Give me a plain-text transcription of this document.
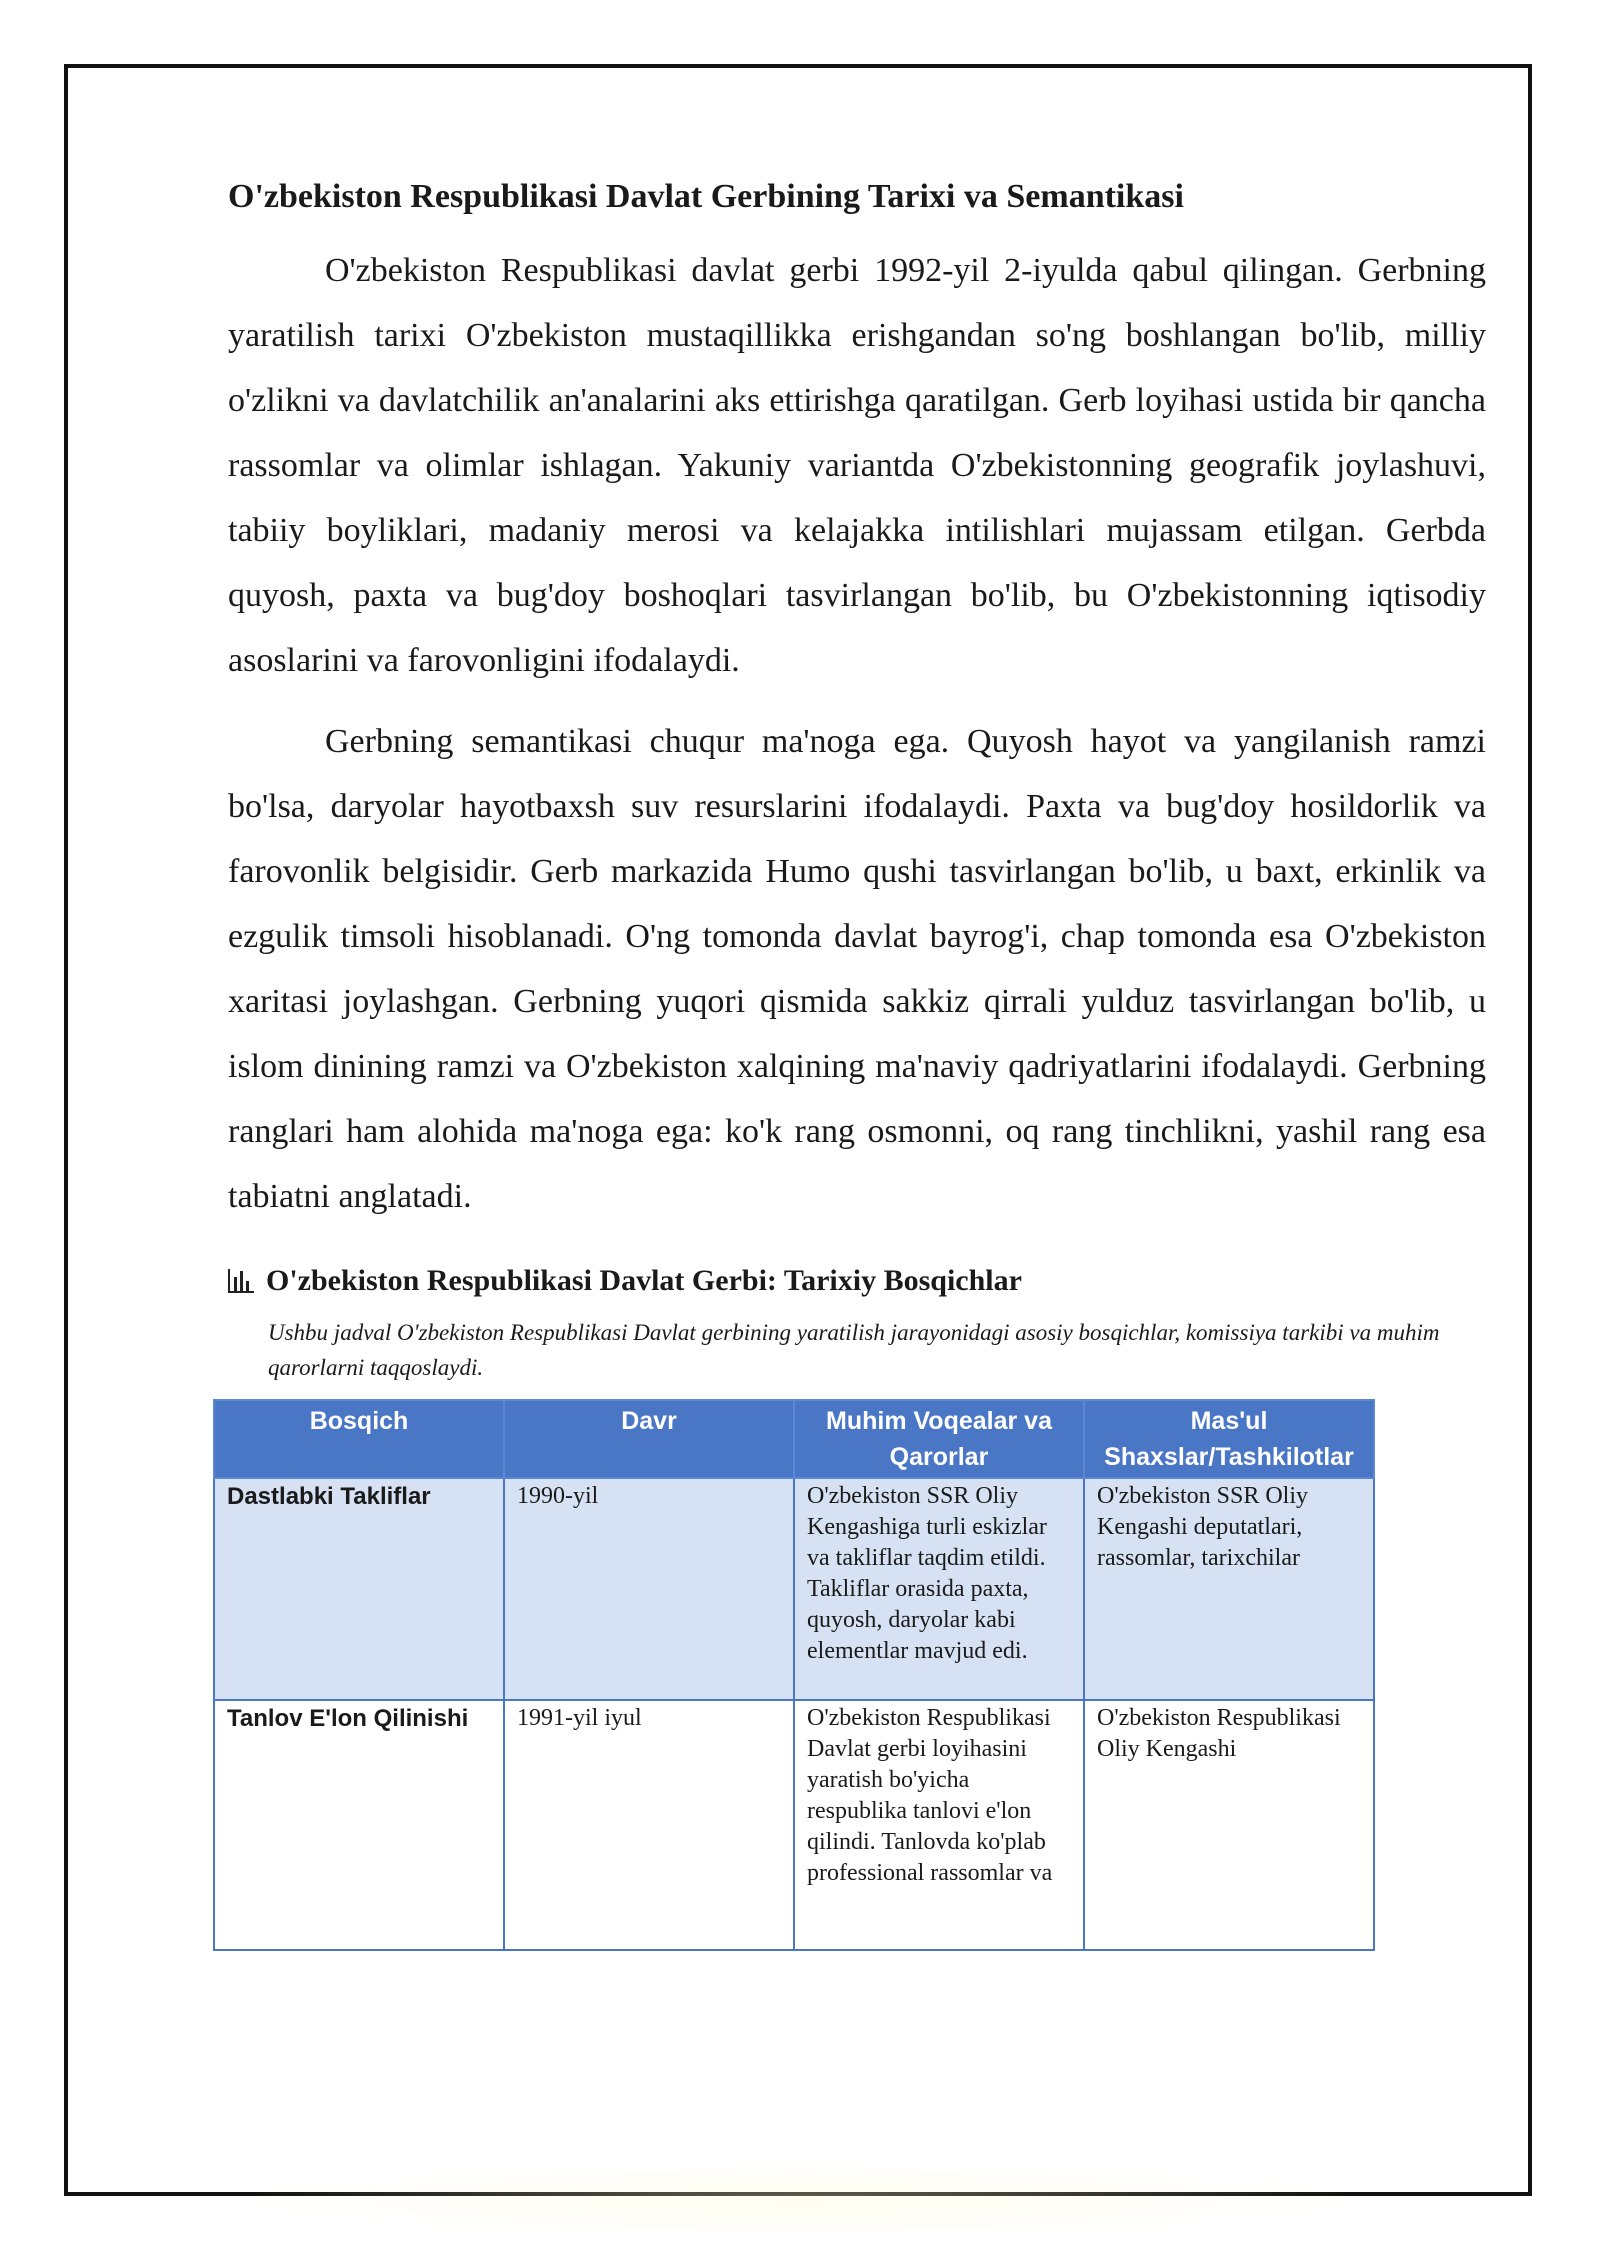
O'zbekiston Respublikasi Davlat Gerbining Tarixi va Semantikasi

O'zbekiston Respublikasi davlat gerbi 1992-yil 2-iyulda qabul qilingan. Gerbning yaratilish tarixi O'zbekiston mustaqillikka erishgandan so'ng boshlangan bo'lib, milliy o'zlikni va davlatchilik an'analarini aks ettirishga qaratilgan. Gerb loyihasi ustida bir qancha rassomlar va olimlar ishlagan. Yakuniy variantda O'zbekistonning geografik joylashuvi, tabiiy boyliklari, madaniy merosi va kelajakka intilishlari mujassam etilgan. Gerbda quyosh, paxta va bug'doy boshoqlari tasvirlangan bo'lib, bu O'zbekistonning iqtisodiy asoslarini va farovonligini ifodalaydi.

Gerbning semantikasi chuqur ma'noga ega. Quyosh hayot va yangilanish ramzi bo'lsa, daryolar hayotbaxsh suv resurslarini ifodalaydi. Paxta va bug'doy hosildorlik va farovonlik belgisidir. Gerb markazida Humo qushi tasvirlangan bo'lib, u baxt, erkinlik va ezgulik timsoli hisoblanadi. O'ng tomonda davlat bayrog'i, chap tomonda esa O'zbekiston xaritasi joylashgan. Gerbning yuqori qismida sakkiz qirrali yulduz tasvirlangan bo'lib, u islom dinining ramzi va O'zbekiston xalqining ma'naviy qadriyatlarini ifodalaydi. Gerbning ranglari ham alohida ma'noga ega: ko'k rang osmonni, oq rang tinchlikni, yashil rang esa tabiatni anglatadi.

O'zbekiston Respublikasi Davlat Gerbi: Tarixiy Bosqichlar
Ushbu jadval O'zbekiston Respublikasi Davlat gerbining yaratilish jarayonidagi asosiy bosqichlar, komissiya tarkibi va muhim qarorlarni taqqoslaydi.
Bosqich	Davr	Muhim Voqealar va Qarorlar	Mas'ul Shaxslar/Tashkilotlar
Dastlabki Takliflar	1990-yil	O'zbekiston SSR Oliy Kengashiga turli eskizlar va takliflar taqdim etildi. Takliflar orasida paxta, quyosh, daryolar kabi elementlar mavjud edi.	O'zbekiston SSR Oliy Kengashi deputatlari, rassomlar, tarixchilar
Tanlov E'lon Qilinishi	1991-yil iyul	O'zbekiston Respublikasi Davlat gerbi loyihasini yaratish bo'yicha respublika tanlovi e'lon qilindi. Tanlovda ko'plab professional rassomlar va	O'zbekiston Respublikasi Oliy Kengashi
